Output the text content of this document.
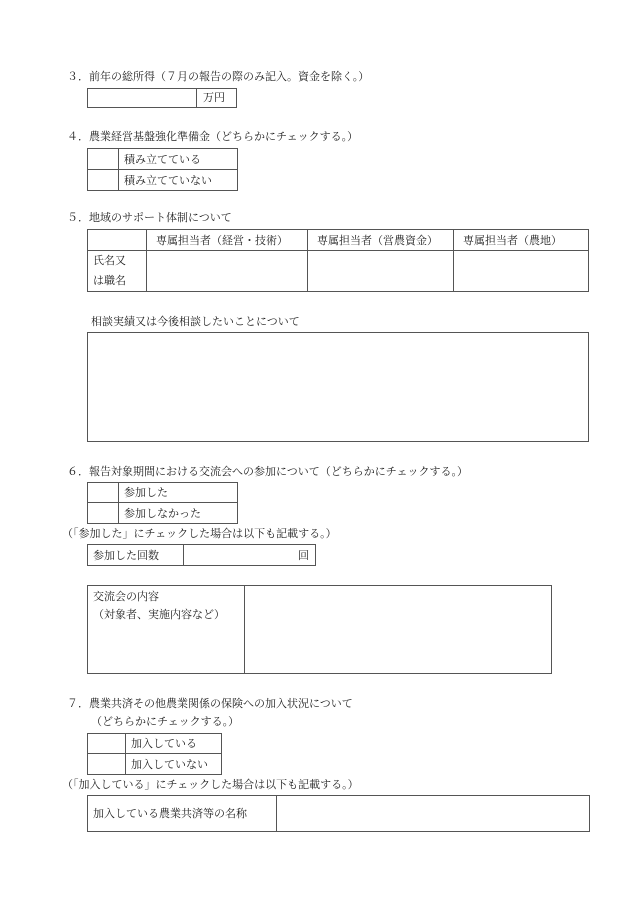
３．前年の総所得（７月の報告の際のみ記入。資金を除く。）
万円
４．農業経営基盤強化準備金（どちらかにチェックする。）
	積み立てている
	積み立てていない
５．地域のサポート体制について
	専属担当者（経営・技術）	専属担当者（営農資金）	専属担当者（農地）

氏名又
は職名			

相談実績又は今後相談したいことについて
６．報告対象期間における交流会への参加について（どちらかにチェックする。）
	参加した
	参加しなかった
（「参加した」にチェックした場合は以下も記載する。）
参加した回数	回
交流会の内容
（対象者、実施内容など）
７．農業共済その他農業関係の保険への加入状況について
（どちらかにチェックする。）
	加入している
	加入していない
（「加入している」にチェックした場合は以下も記載する。）
加入している農業共済等の名称	
